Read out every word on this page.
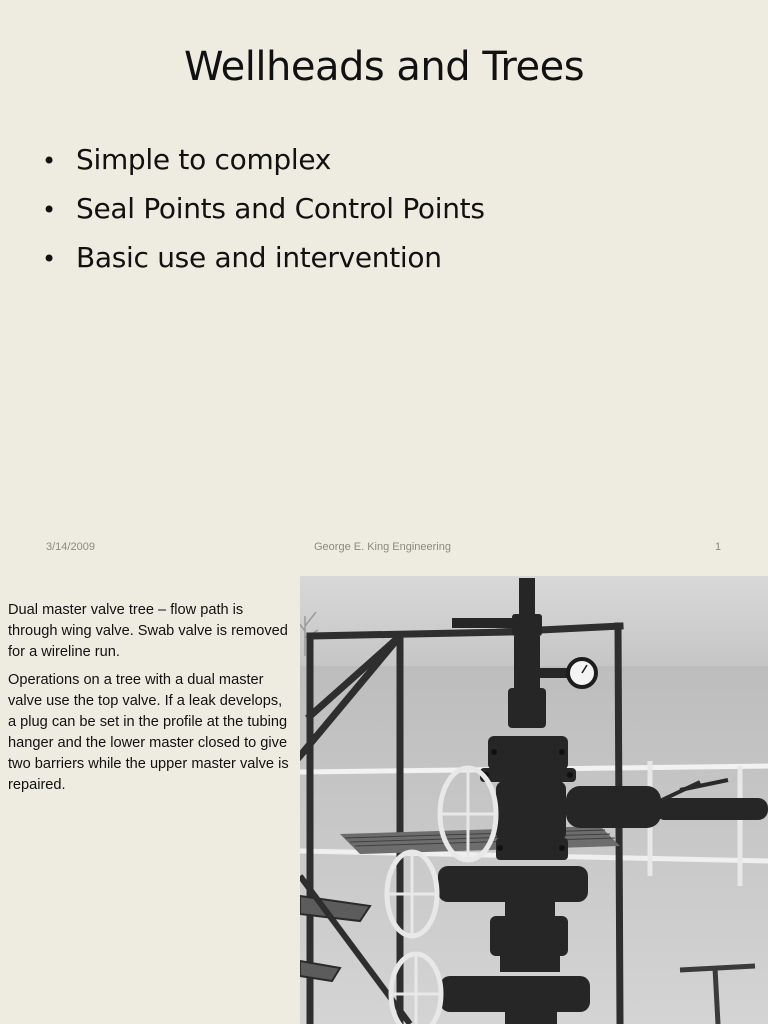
Wellheads and Trees
• Simple to complex
• Seal Points and Control Points
• Basic use and intervention
3/14/2009	George E. King Engineering	1

Dual master valve tree – flow path is through wing valve. Swab valve is removed for a wireline run.

Operations on a tree with a dual master valve use the top valve. If a leak develops, a plug can be set in the profile at the tubing hanger and the lower master closed to give two barriers while the upper master valve is repaired.
